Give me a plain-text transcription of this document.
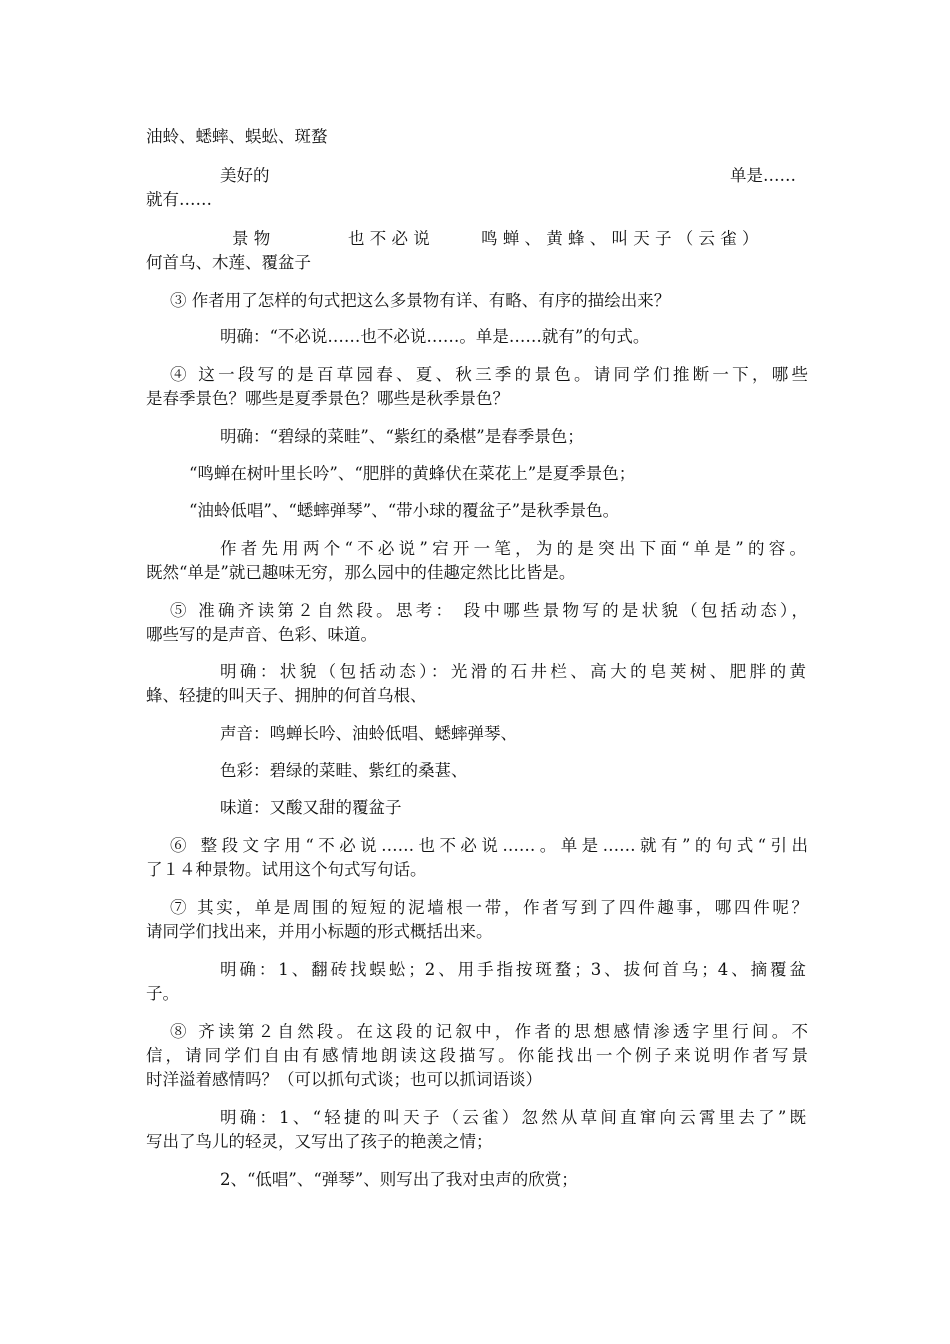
油蛉、蟋蟀、蜈蚣、斑蝥
美好的	单是……
就有……
景 物	也 不 必 说	鸣 蝉 、 黄 蜂 、 叫 天 子 （ 云 雀 ）
何首乌、木莲、覆盆子
③ 作者用了怎样的句式把这么多景物有详、有略、有序的描绘出来？
明确：“不必说……也不必说……。单是……就有”的句式。
④ 这一段写的是百草园春、夏、秋三季的景色。请同学们推断一下，哪些
是春季景色？哪些是夏季景色？哪些是秋季景色？
明确：“碧绿的菜畦”、“紫红的桑椹”是春季景色；
“鸣蝉在树叶里长吟”、“肥胖的黄蜂伏在菜花上”是夏季景色；
“油蛉低唱”、“蟋蟀弹琴”、“带小球的覆盆子”是秋季景色。
作者先用两个“不必说”宕开一笔，为的是突出下面“单是”的容。
既然“单是”就已趣味无穷，那么园中的佳趣定然比比皆是。
⑤ 准确齐读第２自然段。思考： 段中哪些景物写的是状貌（包括动态），
哪些写的是声音、色彩、味道。
明确：状貌（包括动态）：光滑的石井栏、高大的皂荚树、肥胖的黄
蜂、轻捷的叫天子、拥肿的何首乌根、
声音：鸣蝉长吟、油蛉低唱、蟋蟀弹琴、
色彩：碧绿的菜畦、紫红的桑葚、
味道：又酸又甜的覆盆子
⑥ 整段文字用“不必说……也不必说……。单是……就有”的句式“引出
了１４种景物。试用这个句式写句话。
⑦ 其实，单是周围的短短的泥墙根一带，作者写到了四件趣事，哪四件呢？
请同学们找出来，并用小标题的形式概括出来。
明确：1、翻砖找蜈蚣；2、用手指按斑蝥；3、拔何首乌；4、摘覆盆
子。
⑧ 齐读第２自然段。在这段的记叙中，作者的思想感情渗透字里行间。不
信，请同学们自由有感情地朗读这段描写。你能找出一个例子来说明作者写景
时洋溢着感情吗？（可以抓句式谈；也可以抓词语谈）
明确：1、“轻捷的叫天子（云雀）忽然从草间直窜向云霄里去了”既
写出了鸟儿的轻灵，又写出了孩子的艳羡之情；
2、“低唱”、“弹琴”、则写出了我对虫声的欣赏；
